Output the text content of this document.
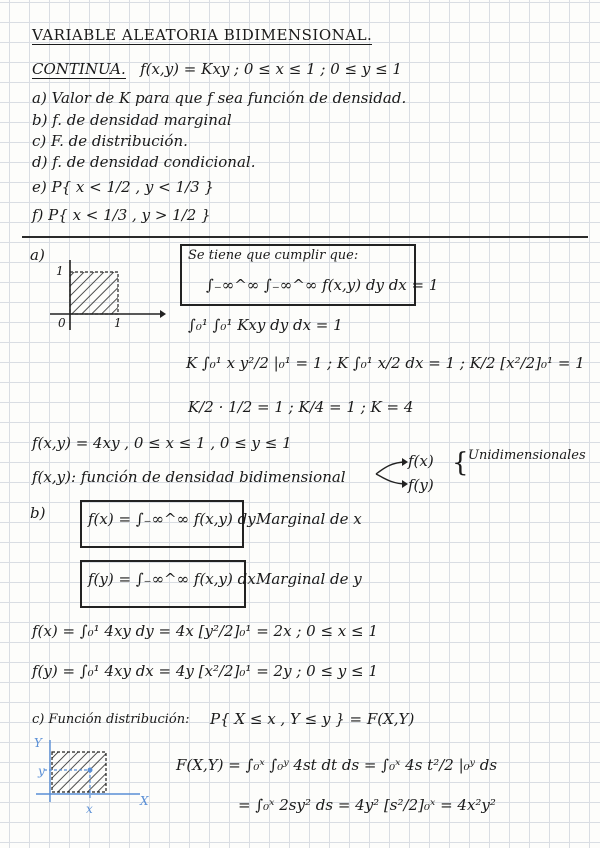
VARIABLE ALEATORIA BIDIMENSIONAL.
CONTINUA. f(x,y) = Kxy ; 0 ≤ x ≤ 1 ; 0 ≤ y ≤ 1
a) Valor de K para que f sea función de densidad.
b) f. de densidad marginal
c) F. de distribución.
d) f. de densidad condicional.
e) P{ x < 1/2 , y < 1/3 }
f) P{ x < 1/3 , y > 1/2 }
a)
1
1
0
Se tiene que cumplir que:
∫₋∞^∞ ∫₋∞^∞ f(x,y) dy dx = 1
∫₀¹ ∫₀¹ Kxy dy dx = 1
K ∫₀¹ x y²/2 |₀¹ = 1 ; K ∫₀¹ x/2 dx = 1 ; K/2 [x²/2]₀¹ = 1
K/2 · 1/2 = 1 ; K/4 = 1 ; K = 4
f(x,y) = 4xy , 0 ≤ x ≤ 1 , 0 ≤ y ≤ 1
f(x,y): función de densidad bidimensional
f(x)
f(y)
{ Unidimensionales
b)	f(x) = ∫₋∞^∞ f(x,y) dy Marginal de x
f(y) = ∫₋∞^∞ f(x,y) dx Marginal de y
f(x) = ∫₀¹ 4xy dy = 4x [y²/2]₀¹ = 2x ; 0 ≤ x ≤ 1
f(y) = ∫₀¹ 4xy dx = 4y [x²/2]₀¹ = 2y ; 0 ≤ y ≤ 1
c) Función distribución: P{ X ≤ x , Y ≤ y } = F(X,Y)
Y
X
y
x
F(X,Y) = ∫₀ˣ ∫₀ʸ 4st dt ds = ∫₀ˣ 4s t²/2 |₀ʸ ds
= ∫₀ˣ 2sy² ds = 4y² [s²/2]₀ˣ = 4x²y²
